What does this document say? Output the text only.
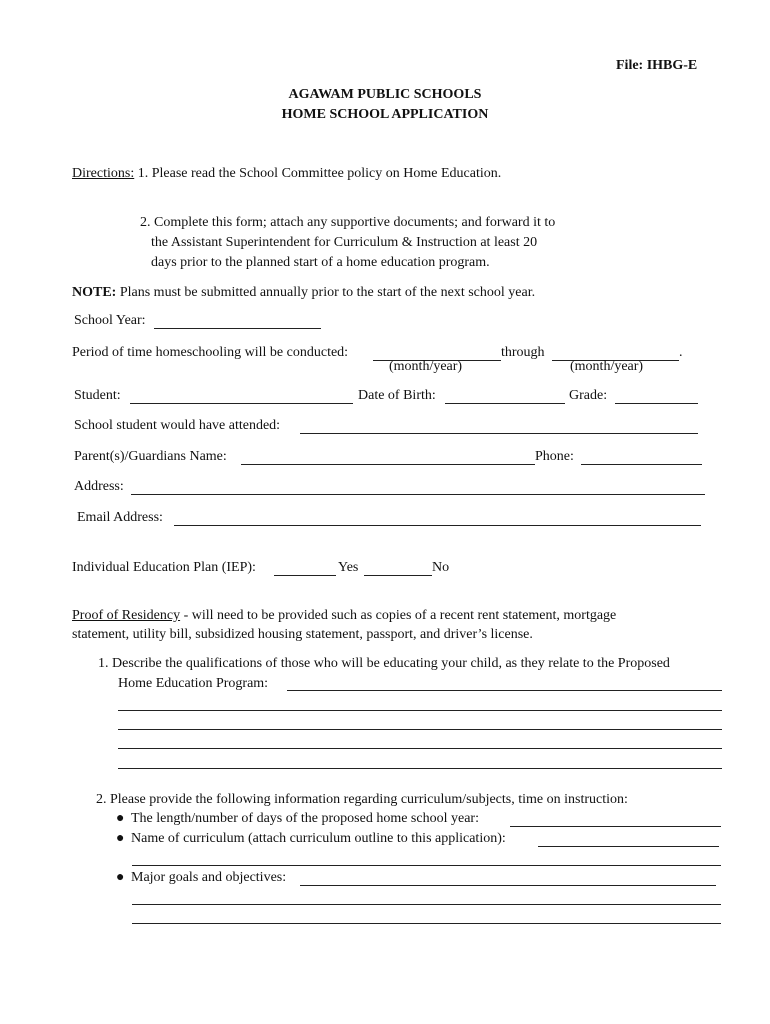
File: IHBG-E
AGAWAM PUBLIC SCHOOLS
HOME SCHOOL APPLICATION
Directions: 1. Please read the School Committee policy on Home Education.
2. Complete this form; attach any supportive documents; and forward it to
the Assistant Superintendent for Curriculum & Instruction at least 20
days prior to the planned start of a home education program.
NOTE: Plans must be submitted annually prior to the start of the next school year.
School Year:
Period of time homeschooling will be conducted:	through	.
(month/year)	(month/year)
Student:	Date of Birth:	Grade:
School student would have attended:
Parent(s)/Guardians Name:	Phone:
Address:
Email Address:
Individual Education Plan (IEP):	Yes	No
Proof of Residency - will need to be provided such as copies of a recent rent statement, mortgage
statement, utility bill, subsidized housing statement, passport, and driver’s license.
1. Describe the qualifications of those who will be educating your child, as they relate to the Proposed
Home Education Program:
2. Please provide the following information regarding curriculum/subjects, time on instruction:
● The length/number of days of the proposed home school year:
● Name of curriculum (attach curriculum outline to this application):
● Major goals and objectives:
